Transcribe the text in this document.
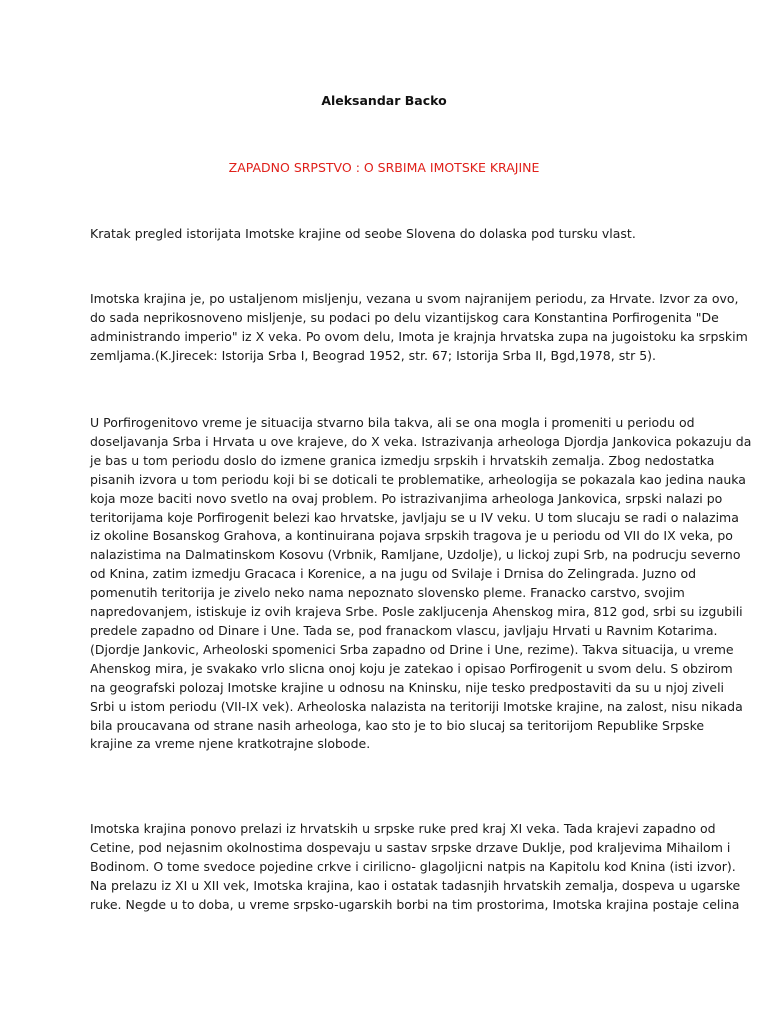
Aleksandar Backo
ZAPADNO SRPSTVO : O SRBIMA IMOTSKE KRAJINE

Kratak pregled istorijata Imotske krajine od seobe Slovena do dolaska pod tursku vlast.

Imotska krajina je, po ustaljenom misljenju, vezana u svom najranijem periodu, za Hrvate. Izvor za ovo,
do sada neprikosnoveno misljenje, su podaci po delu vizantijskog cara Konstantina Porfirogenita "De
administrando imperio" iz X veka. Po ovom delu, Imota je krajnja hrvatska zupa na jugoistoku ka srpskim
zemljama.(K.Jirecek: Istorija Srba I, Beograd 1952, str. 67; Istorija Srba II, Bgd,1978, str 5).

U Porfirogenitovo vreme je situacija stvarno bila takva, ali se ona mogla i promeniti u periodu od
doseljavanja Srba i Hrvata u ove krajeve, do X veka. Istrazivanja arheologa Djordja Jankovica pokazuju da
je bas u tom periodu doslo do izmene granica izmedju srpskih i hrvatskih zemalja. Zbog nedostatka
pisanih izvora u tom periodu koji bi se doticali te problematike, arheologija se pokazala kao jedina nauka
koja moze baciti novo svetlo na ovaj problem. Po istrazivanjima arheologa Jankovica, srpski nalazi po
teritorijama koje Porfirogenit belezi kao hrvatske, javljaju se u IV veku. U tom slucaju se radi o nalazima
iz okoline Bosanskog Grahova, a kontinuirana pojava srpskih tragova je u periodu od VII do IX veka, po
nalazistima na Dalmatinskom Kosovu (Vrbnik, Ramljane, Uzdolje), u lickoj zupi Srb, na podrucju severno
od Knina, zatim izmedju Gracaca i Korenice, a na jugu od Svilaje i Drnisa do Zelingrada. Juzno od
pomenutih teritorija je zivelo neko nama nepoznato slovensko pleme. Franacko carstvo, svojim
napredovanjem, istiskuje iz ovih krajeva Srbe. Posle zakljucenja Ahenskog mira, 812 god, srbi su izgubili
predele zapadno od Dinare i Une. Tada se, pod franackom vlascu, javljaju Hrvati u Ravnim Kotarima.
(Djordje Jankovic, Arheoloski spomenici Srba zapadno od Drine i Une, rezime). Takva situacija, u vreme
Ahenskog mira, je svakako vrlo slicna onoj koju je zatekao i opisao Porfirogenit u svom delu. S obzirom
na geografski polozaj Imotske krajine u odnosu na Kninsku, nije tesko predpostaviti da su u njoj ziveli
Srbi u istom periodu (VII-IX vek). Arheoloska nalazista na teritoriji Imotske krajine, na zalost, nisu nikada
bila proucavana od strane nasih arheologa, kao sto je to bio slucaj sa teritorijom Republike Srpske
krajine za vreme njene kratkotrajne slobode.

Imotska krajina ponovo prelazi iz hrvatskih u srpske ruke pred kraj XI veka. Tada krajevi zapadno od
Cetine, pod nejasnim okolnostima dospevaju u sastav srpske drzave Duklje, pod kraljevima Mihailom i
Bodinom. O tome svedoce pojedine crkve i cirilicno- glagoljicni natpis na Kapitolu kod Knina (isti izvor).
Na prelazu iz XI u XII vek, Imotska krajina, kao i ostatak tadasnjih hrvatskih zemalja, dospeva u ugarske
ruke. Negde u to doba, u vreme srpsko-ugarskih borbi na tim prostorima, Imotska krajina postaje celina
